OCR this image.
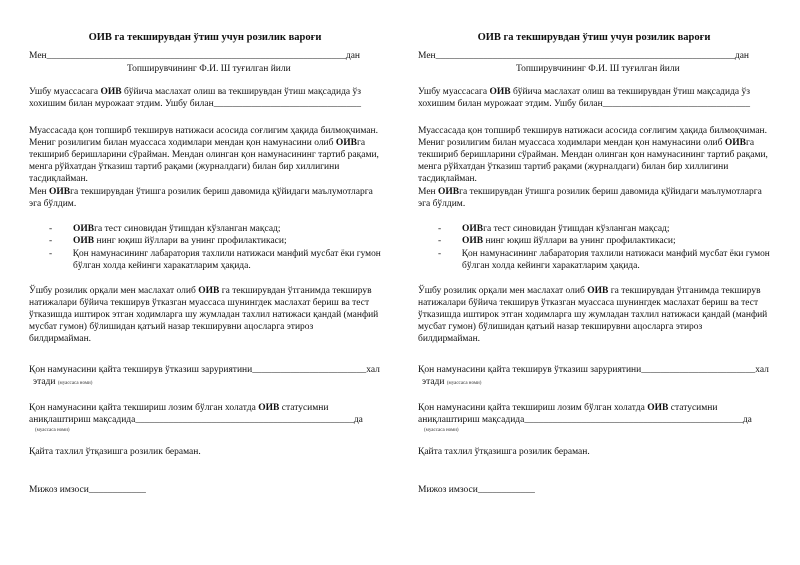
ОИВ га текширувдан ўтиш учун розилик вароғи
Мен_______________________________________________________________дан
Топширувчининг Ф.И. Ш туғилган йили
Ушбу муассасага ОИВ бўйича маслахат олиш ва текширувдан ўтиш мақсадида ўз
хохишим билан мурожаат этдим. Ушбу билан_______________________________
Муассасада қон топширб текширув натижаси асосида соғлигим ҳақида билмоқчиман.
Мениг розилигим билан муассаса ходимлари мендан қон намунасини олиб ОИВга
текшириб беришларини сўрайман. Мендан олинган қон намунасининг тартиб рақами,
менга рўйхатдан ўтказиш тартиб рақами (журналдаги) билан бир хиллигини
тасдиқлайман.
Мен ОИВга текширувдан ўтишга розилик бериш давомида қўйидаги маълумотларга
эга бўлдим.
- ОИВга тест синовидан ўтишдан кўзланган мақсад;
- ОИВ нинг юқиш йўллари ва унинг профилактикаси;
- Қон намунасининг лабаратория тахлили натижаси манфий мусбат ёки гумон
бўлган холда кейинги харакатларим ҳақида.
Ўшбу розилик орқали мен маслахат олиб ОИВ га текширувдан ўтганимда текширув
натижалари бўйича текширув ўтказган муассаса шунингдек маслахат бериш ва тест
ўтказишда иштирок этган ходимларга шу жумладан тахлил натижаси қандай (манфий
мусбат гумон) бўлишидан қатъий назар текширувни ацосларга этироз
билдирмайман.
Қон намунасини қайта текширув ўтказиш заруриятини________________________хал
этади (муассаса номи)
Қон намунасини қайта текшириш лозим бўлган холатда ОИВ статусимни
аниқлаштириш мақсадида______________________________________________да
(муассаса номи)
Қайта тахлил ўтқазишга розилик бераман.
Мижоз имзоси____________
ОИВ га текширувдан ўтиш учун розилик вароғи
Мен_______________________________________________________________дан
Топширувчининг Ф.И. Ш туғилган йили
Ушбу муассасага ОИВ бўйича маслахат олиш ва текширувдан ўтиш мақсадида ўз
хохишим билан мурожаат этдим. Ушбу билан_______________________________
Муассасада қон топширб текширув натижаси асосида соғлигим ҳақида билмоқчиман.
Мениг розилигим билан муассаса ходимлари мендан қон намунасини олиб ОИВга
текшириб беришларини сўрайман. Мендан олинган қон намунасининг тартиб рақами,
менга рўйхатдан ўтказиш тартиб рақами (журналдаги) билан бир хиллигини
тасдиқлайман.
Мен ОИВга текширувдан ўтишга розилик бериш давомида қўйидаги маълумотларга
эга бўлдим.
- ОИВга тест синовидан ўтишдан кўзланган мақсад;
- ОИВ нинг юқиш йўллари ва унинг профилактикаси;
- Қон намунасининг лабаратория тахлили натижаси манфий мусбат ёки гумон
бўлган холда кейинги харакатларим ҳақида.
Ўшбу розилик орқали мен маслахат олиб ОИВ га текширувдан ўтганимда текширув
натижалари бўйича текширув ўтказган муассаса шунингдек маслахат бериш ва тест
ўтказишда иштирок этган ходимларга шу жумладан тахлил натижаси қандай (манфий
мусбат гумон) бўлишидан қатъий назар текширувни ацосларга этироз
билдирмайман.
Қон намунасини қайта текширув ўтказиш заруриятини________________________хал
этади (муассаса номи)
Қон намунасини қайта текшириш лозим бўлган холатда ОИВ статусимни
аниқлаштириш мақсадида______________________________________________да
(муассаса номи)
Қайта тахлил ўтқазишга розилик бераман.
Мижоз имзоси____________
